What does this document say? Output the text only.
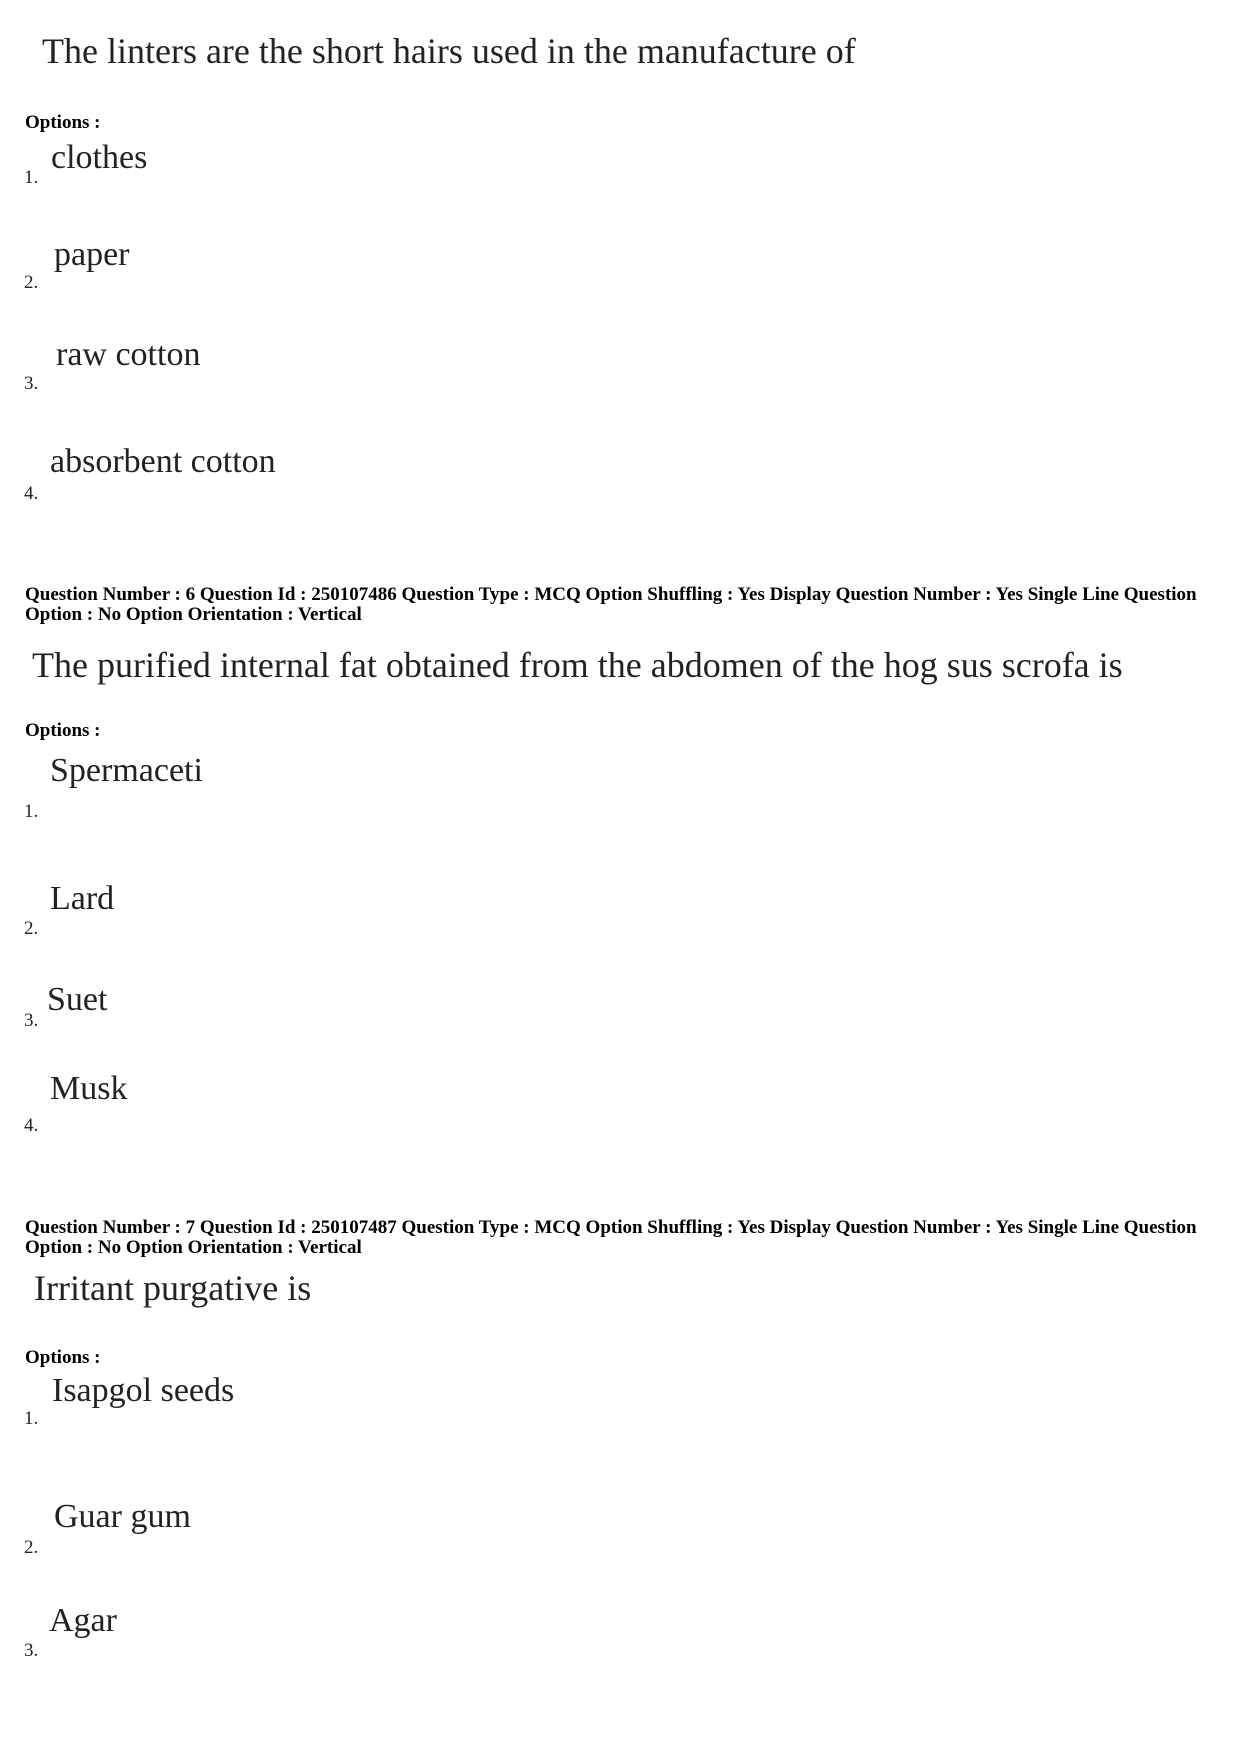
The linters are the short hairs used in the manufacture of
Options :
1.
clothes
2.
paper
3.
raw cotton
4.
absorbent cotton
Question Number : 6 Question Id : 250107486 Question Type : MCQ Option Shuffling : Yes Display Question Number : Yes Single Line Question Option : No Option Orientation : Vertical
The purified internal fat obtained from the abdomen of the hog sus scrofa is
Options :
1.
Spermaceti
2.
Lard
3.
Suet
4.
Musk
Question Number : 7 Question Id : 250107487 Question Type : MCQ Option Shuffling : Yes Display Question Number : Yes Single Line Question Option : No Option Orientation : Vertical
Irritant purgative is
Options :
1.
Isapgol seeds
2.
Guar gum
3.
Agar
